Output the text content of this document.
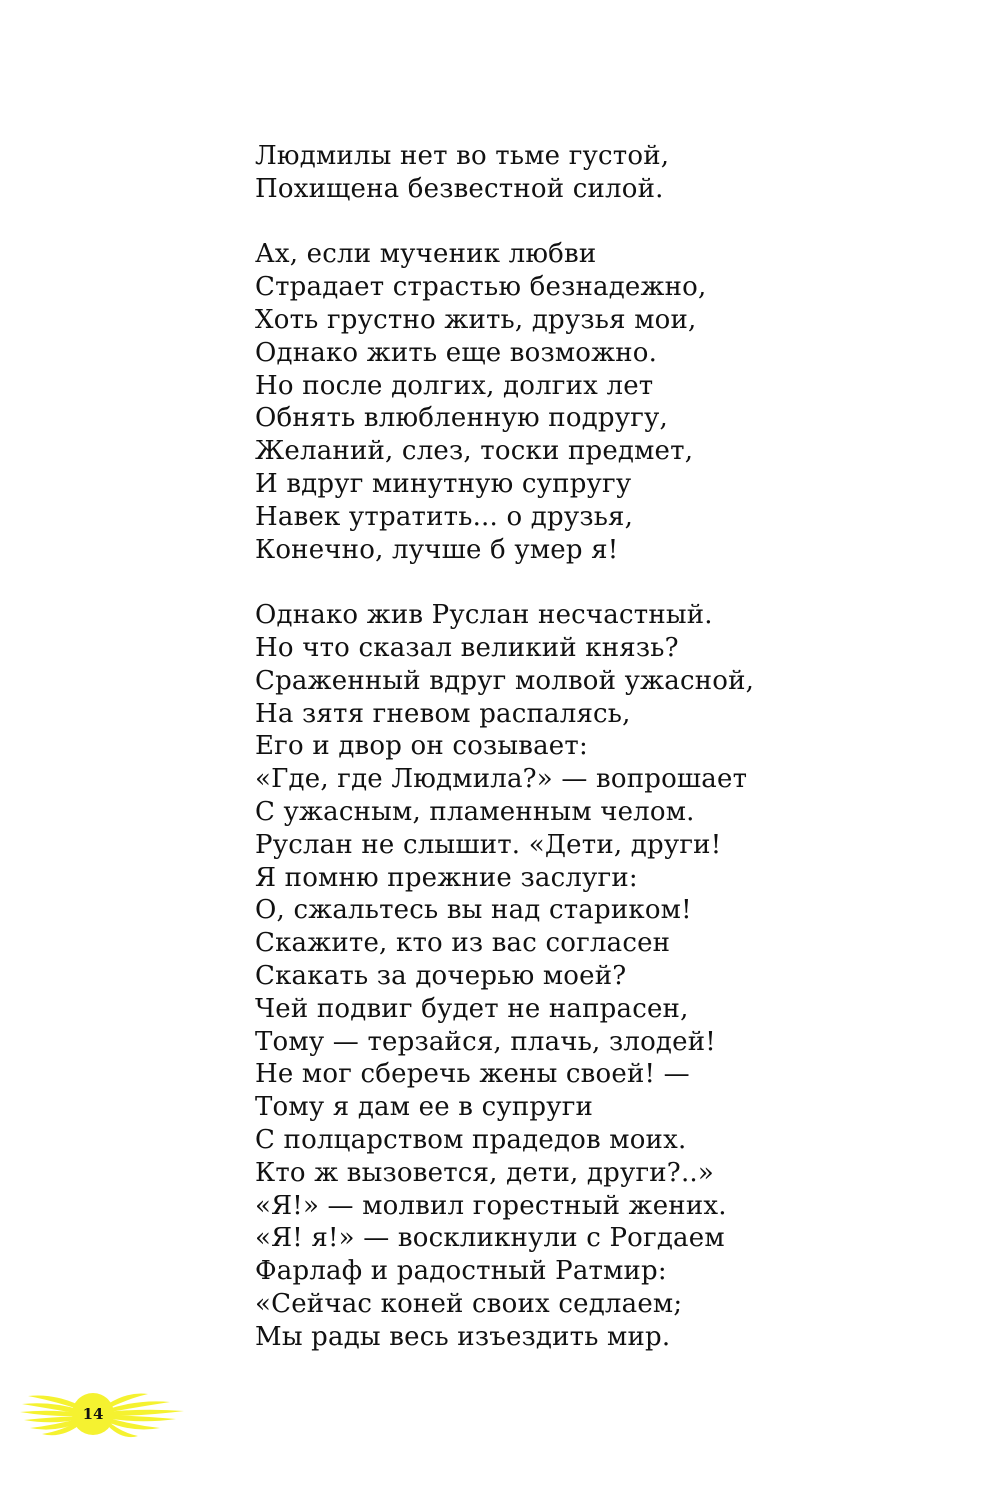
Людмилы нет во тьме густой,
Похищена безвестной силой.
Ах, если мученик любви
Страдает страстью безнадежно,
Хоть грустно жить, друзья мои,
Однако жить еще возможно.
Но после долгих, долгих лет
Обнять влюбленную подругу,
Желаний, слез, тоски предмет,
И вдруг минутную супругу
Навек утратить... о друзья,
Конечно, лучше б умер я!
Однако жив Руслан несчастный.
Но что сказал великий князь?
Сраженный вдруг молвой ужасной,
На зятя гневом распалясь,
Его и двор он созывает:
«Где, где Людмила?» — вопрошает
С ужасным, пламенным челом.
Руслан не слышит. «Дети, други!
Я помню прежние заслуги:
О, сжальтесь вы над стариком!
Скажите, кто из вас согласен
Скакать за дочерью моей?
Чей подвиг будет не напрасен,
Тому — терзайся, плачь, злодей!
Не мог сберечь жены своей! —
Тому я дам ее в супруги
С полцарством прадедов моих.
Кто ж вызовется, дети, други?..»
«Я!» — молвил горестный жених.
«Я! я!» — воскликнули с Рогдаем
Фарлаф и радостный Ратмир:
«Сейчас коней своих седлаем;
Мы рады весь изъездить мир.
14
